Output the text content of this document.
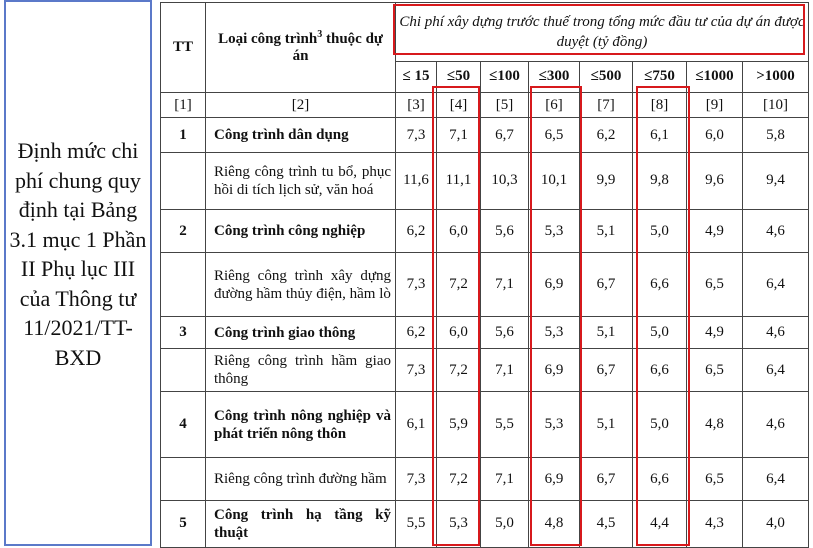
Định mức chi phí chung quy định tại Bảng 3.1 mục 1 Phần II Phụ lục III của Thông tư 11/2021/TT-BXD
TT	Loại công trình$^3$ thuộc dự án	Chi phí xây dựng trước thuế trong tổng mức đầu tư của dự án được duyệt (tỷ đồng)							
		≤ 15	≤50	≤100	≤300	≤500	≤750	≤1000	>1000
[1]	[2]	[3]	[4]	[5]	[6]	[7]	[8]	[9]	[10]
1	Công trình dân dụng	7,3	7,1	6,7	6,5	6,2	6,1	6,0	5,8
	Riêng công trình tu bổ, phục hồi di tích lịch sử, văn hoá	11,6	11,1	10,3	10,1	9,9	9,8	9,6	9,4
2	Công trình công nghiệp	6,2	6,0	5,6	5,3	5,1	5,0	4,9	4,6
	Riêng công trình xây dựng đường hầm thủy điện, hầm lò	7,3	7,2	7,1	6,9	6,7	6,6	6,5	6,4
3	Công trình giao thông	6,2	6,0	5,6	5,3	5,1	5,0	4,9	4,6
	Riêng công trình hầm giao thông	7,3	7,2	7,1	6,9	6,7	6,6	6,5	6,4
4	Công trình nông nghiệp và phát triển nông thôn	6,1	5,9	5,5	5,3	5,1	5,0	4,8	4,6
	Riêng công trình đường hầm	7,3	7,2	7,1	6,9	6,7	6,6	6,5	6,4
5	Công trình hạ tầng kỹ thuật	5,5	5,3	5,0	4,8	4,5	4,4	4,3	4,0
